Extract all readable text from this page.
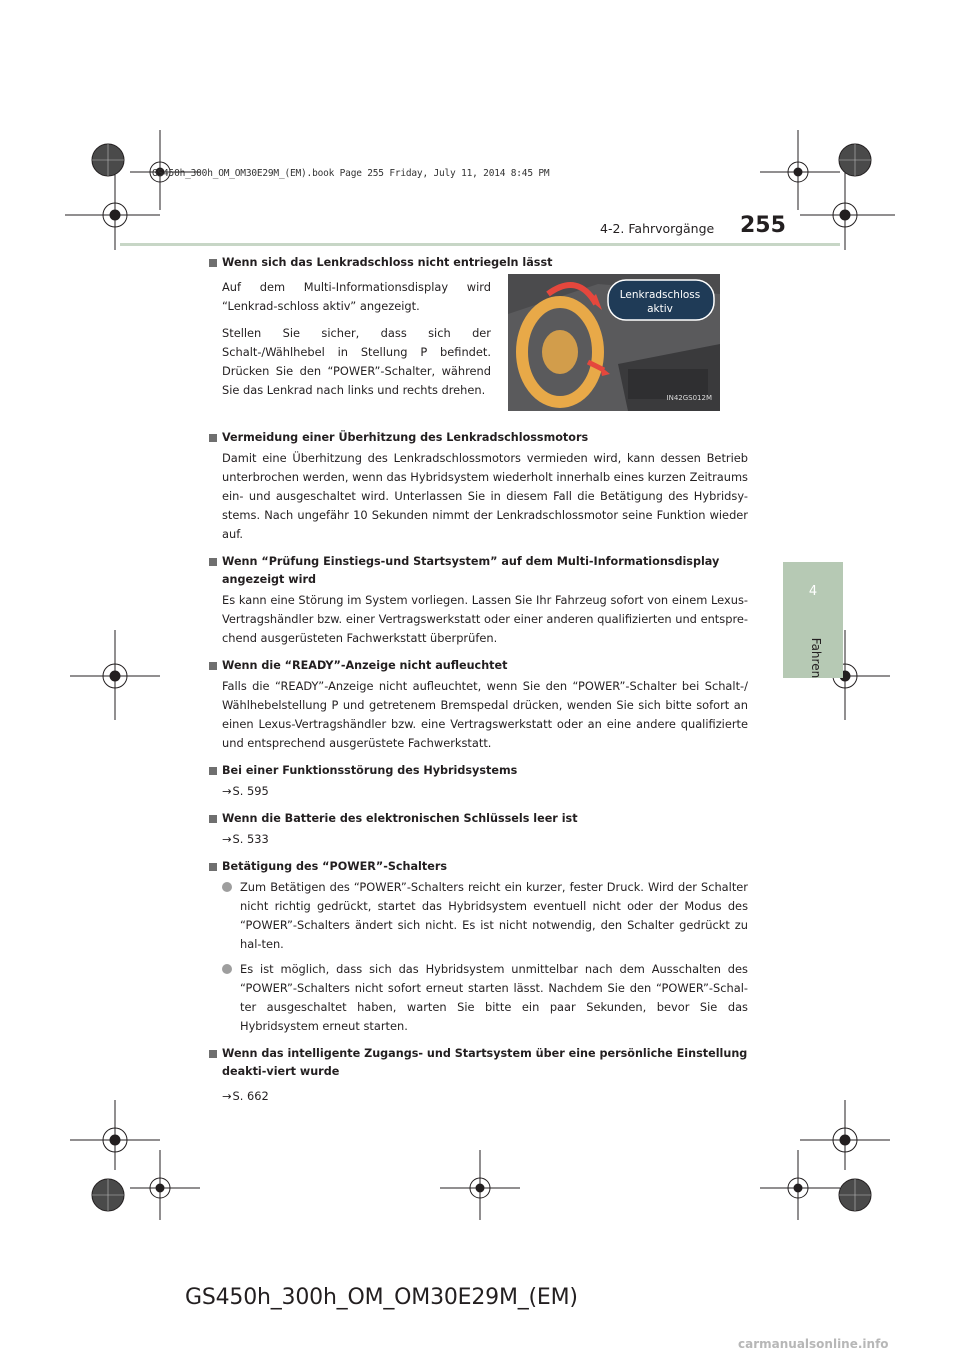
GS450h_300h_OM_OM30E29M_(EM).book Page 255 Friday, July 11, 2014 8:45 PM
4-2. Fahrvorgänge 255
4
Fahren

Wenn sich das Lenkradschloss nicht entriegeln lässt

Auf dem Multi-Informationsdisplay wird “Lenkrad-schloss aktiv” angezeigt.

Stellen Sie sicher, dass sich der Schalt-/Wählhebel in Stellung P befindet. Drücken Sie den “POWER”-Schalter, während Sie das Lenkrad nach links und rechts drehen.

Lenkradschloss
aktiv
IN42GS012M

Vermeidung einer Überhitzung des Lenkradschlossmotors

Damit eine Überhitzung des Lenkradschlossmotors vermieden wird, kann dessen Betrieb unterbrochen werden, wenn das Hybridsystem wiederholt innerhalb eines kurzen Zeitraums ein- und ausgeschaltet wird. Unterlassen Sie in diesem Fall die Betätigung des Hybridsy-stems. Nach ungefähr 10 Sekunden nimmt der Lenkradschlossmotor seine Funktion wieder auf.

Wenn “Prüfung Einstiegs-und Startsystem” auf dem Multi-Informationsdisplay angezeigt wird

Es kann eine Störung im System vorliegen. Lassen Sie Ihr Fahrzeug sofort von einem Lexus-Vertragshändler bzw. einer Vertragswerkstatt oder einer anderen qualifizierten und entspre-chend ausgerüsteten Fachwerkstatt überprüfen.

Wenn die “READY”-Anzeige nicht aufleuchtet

Falls die “READY”-Anzeige nicht aufleuchtet, wenn Sie den “POWER”-Schalter bei Schalt-/ Wählhebelstellung P und getretenem Bremspedal drücken, wenden Sie sich bitte sofort an einen Lexus-Vertragshändler bzw. eine Vertragswerkstatt oder an eine andere qualifizierte und entsprechend ausgerüstete Fachwerkstatt.

Bei einer Funktionsstörung des Hybridsystems

→S. 595

Wenn die Batterie des elektronischen Schlüssels leer ist

→S. 533

Betätigung des “POWER”-Schalters

Zum Betätigen des “POWER”-Schalters reicht ein kurzer, fester Druck. Wird der Schalter nicht richtig gedrückt, startet das Hybridsystem eventuell nicht oder der Modus des “POWER”-Schalters ändert sich nicht. Es ist nicht notwendig, den Schalter gedrückt zu hal-ten.

Es ist möglich, dass sich das Hybridsystem unmittelbar nach dem Ausschalten des “POWER”-Schalters nicht sofort erneut starten lässt. Nachdem Sie den “POWER”-Schal-ter ausgeschaltet haben, warten Sie bitte ein paar Sekunden, bevor Sie das Hybridsystem erneut starten.

Wenn das intelligente Zugangs- und Startsystem über eine persönliche Einstellung deakti-viert wurde

→S. 662

GS450h_300h_OM_OM30E29M_(EM)
carmanualsonline.info
